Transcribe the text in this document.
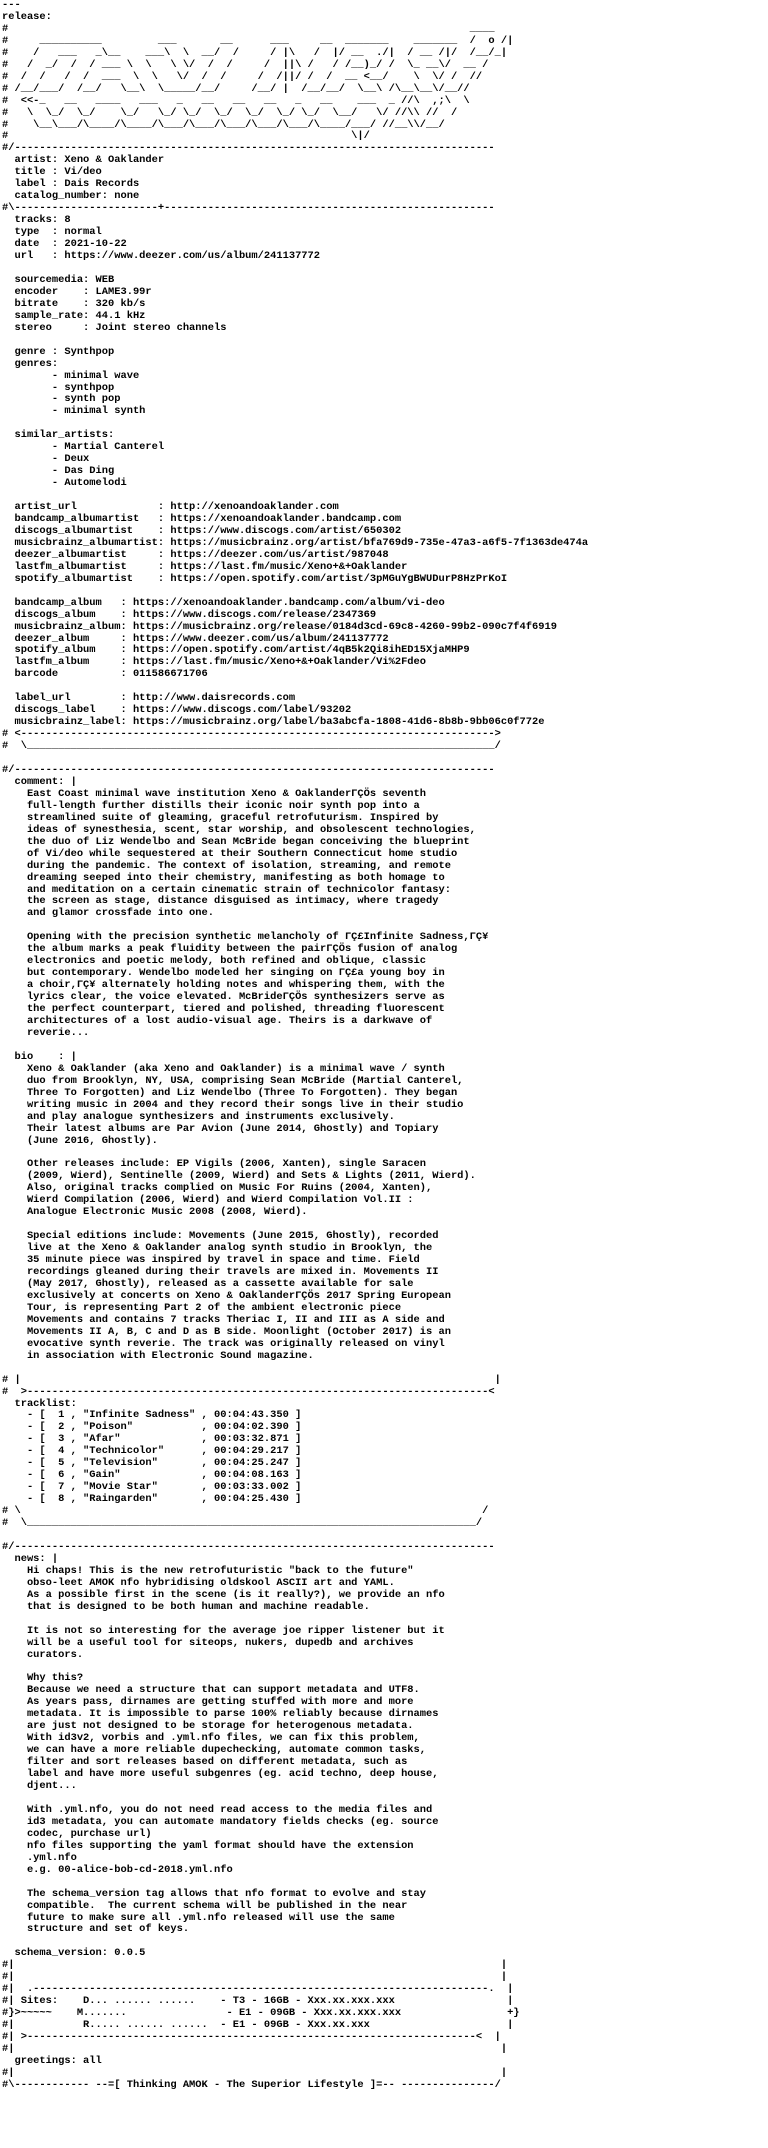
---
release:
#                                                                          ____
#     __________         ___       __      ___     __  _______    _______  /  o /|
#    /   ___   _\__    ___\  \  __/  /     / |\   /  |/ __  ./|  / __ /|/  /__/_|
#   /  _/  /  / ___ \  \   \ \/  /  /     /  ||\ /   / /__)_/ /  \_ __\/  __ /
#  /  /   /  /  ___  \  \   \/  /  /     /  /||/ /  /  __ <__/    \  \/ /  //
# /__/___/  /__/   \__\  \_____/__/     /__/ |  /__/__/  \__\ /\__\__\/__//
#  <<-_   __   ____   ___   _   __   __   __   _   __    ___  _ //\  ,;\  \
#   \  \_/  \_/    \_/   \_/ \_/  \_/  \_/  \_/ \_/  \__/   \/ //\\ //  /
#    \__\___/\____/\____/\___/\___/\___/\___/\___/\____/___/ //__\\/__/
#                                                       \|/
#/-----------------------------------------------------------------------------
artist: Xeno & Oaklander
title : Vi/deo
label : Dais Records
catalog_number: none
#\-----------------------+-----------------------------------------------------
tracks: 8
type  : normal
date  : 2021-10-22
url   : https://www.deezer.com/us/album/241137772

sourcemedia: WEB
encoder    : LAME3.99r
bitrate    : 320 kb/s
sample_rate: 44.1 kHz
stereo     : Joint stereo channels

genre : Synthpop
genres:
- minimal wave
- synthpop
- synth pop
- minimal synth

similar_artists:
- Martial Canterel
- Deux
- Das Ding
- Automelodi

artist_url             : http://xenoandoaklander.com
bandcamp_albumartist   : https://xenoandoaklander.bandcamp.com
discogs_albumartist    : https://www.discogs.com/artist/650302
musicbrainz_albumartist: https://musicbrainz.org/artist/bfa769d9-735e-47a3-a6f5-7f1363de474a
deezer_albumartist     : https://deezer.com/us/artist/987048
lastfm_albumartist     : https://last.fm/music/Xeno+&+Oaklander
spotify_albumartist    : https://open.spotify.com/artist/3pMGuYgBWUDurP8HzPrKoI

bandcamp_album   : https://xenoandoaklander.bandcamp.com/album/vi-deo
discogs_album    : https://www.discogs.com/release/2347369
musicbrainz_album: https://musicbrainz.org/release/0184d3cd-69c8-4260-99b2-090c7f4f6919
deezer_album     : https://www.deezer.com/us/album/241137772
spotify_album    : https://open.spotify.com/artist/4qB5k2Qi8ihED15XjaMHP9
lastfm_album     : https://last.fm/music/Xeno+&+Oaklander/Vi%2Fdeo
barcode          : 011586671706

label_url        : http://www.daisrecords.com
discogs_label    : https://www.discogs.com/label/93202
musicbrainz_label: https://musicbrainz.org/label/ba3abcfa-1808-41d6-8b8b-9bb06c0f772e
# <---------------------------------------------------------------------------->
#  \___________________________________________________________________________/

#/-----------------------------------------------------------------------------
comment: |
East Coast minimal wave institution Xeno & OaklanderΓÇÖs seventh
full-length further distills their iconic noir synth pop into a
streamlined suite of gleaming, graceful retrofuturism. Inspired by
ideas of synesthesia, scent, star worship, and obsolescent technologies,
the duo of Liz Wendelbo and Sean McBride began conceiving the blueprint
of Vi/deo while sequestered at their Southern Connecticut home studio
during the pandemic. The context of isolation, streaming, and remote
dreaming seeped into their chemistry, manifesting as both homage to
and meditation on a certain cinematic strain of technicolor fantasy:
the screen as stage, distance disguised as intimacy, where tragedy
and glamor crossfade into one.

Opening with the precision synthetic melancholy of ΓÇ£Infinite Sadness,ΓÇ¥
the album marks a peak fluidity between the pairΓÇÖs fusion of analog
electronics and poetic melody, both refined and oblique, classic
but contemporary. Wendelbo modeled her singing on ΓÇ£a young boy in
a choir,ΓÇ¥ alternately holding notes and whispering them, with the
lyrics clear, the voice elevated. McBrideΓÇÖs synthesizers serve as
the perfect counterpart, tiered and polished, threading fluorescent
architectures of a lost audio-visual age. Theirs is a darkwave of
reverie...

bio    : |
Xeno & Oaklander (aka Xeno and Oaklander) is a minimal wave / synth
duo from Brooklyn, NY, USA, comprising Sean McBride (Martial Canterel,
Three To Forgotten) and Liz Wendelbo (Three To Forgotten). They began
writing music in 2004 and they record their songs live in their studio
and play analogue synthesizers and instruments exclusively.
Their latest albums are Par Avion (June 2014, Ghostly) and Topiary
(June 2016, Ghostly).

Other releases include: EP Vigils (2006, Xanten), single Saracen
(2009, Wierd), Sentinelle (2009, Wierd) and Sets & Lights (2011, Wierd).
Also, original tracks complied on Music For Ruins (2004, Xanten),
Wierd Compilation (2006, Wierd) and Wierd Compilation Vol.II :
Analogue Electronic Music 2008 (2008, Wierd).

Special editions include: Movements (June 2015, Ghostly), recorded
live at the Xeno & Oaklander analog synth studio in Brooklyn, the
35 minute piece was inspired by travel in space and time. Field
recordings gleaned during their travels are mixed in. Movements II
(May 2017, Ghostly), released as a cassette available for sale
exclusively at concerts on Xeno & OaklanderΓÇÖs 2017 Spring European
Tour, is representing Part 2 of the ambient electronic piece
Movements and contains 7 tracks Theriac I, II and III as A side and
Movements II A, B, C and D as B side. Moonlight (October 2017) is an
evocative synth reverie. The track was originally released on vinyl
in association with Electronic Sound magazine.

# |                                                                            |
#  >--------------------------------------------------------------------------<
tracklist:
- [  1 , "Infinite Sadness" , 00:04:43.350 ]
- [  2 , "Poison"           , 00:04:02.390 ]
- [  3 , "Afar"             , 00:03:32.871 ]
- [  4 , "Technicolor"      , 00:04:29.217 ]
- [  5 , "Television"       , 00:04:25.247 ]
- [  6 , "Gain"             , 00:04:08.163 ]
- [  7 , "Movie Star"       , 00:03:33.002 ]
- [  8 , "Raingarden"       , 00:04:25.430 ]
# \                                                                          /
#  \________________________________________________________________________/

#/-----------------------------------------------------------------------------
news: |
Hi chaps! This is the new retrofuturistic "back to the future"
obso-leet AMOK nfo hybridising oldskool ASCII art and YAML.
As a possible first in the scene (is it really?), we provide an nfo
that is designed to be both human and machine readable.

It is not so interesting for the average joe ripper listener but it
will be a useful tool for siteops, nukers, dupedb and archives
curators.

Why this?
Because we need a structure that can support metadata and UTF8.
As years pass, dirnames are getting stuffed with more and more
metadata. It is impossible to parse 100% reliably because dirnames
are just not designed to be storage for heterogenous metadata.
With id3v2, vorbis and .yml.nfo files, we can fix this problem,
we can have a more reliable dupechecking, automate common tasks,
filter and sort releases based on different metadata, such as
label and have more useful subgenres (eg. acid techno, deep house,
djent...

With .yml.nfo, you do not need read access to the media files and
id3 metadata, you can automate mandatory fields checks (eg. source
codec, purchase url)
nfo files supporting the yaml format should have the extension
.yml.nfo
e.g. 00-alice-bob-cd-2018.yml.nfo

The schema_version tag allows that nfo format to evolve and stay
compatible.  The current schema will be published in the near
future to make sure all .yml.nfo released will use the same
structure and set of keys.

schema_version: 0.0.5
#|                                                                              |
#|                                                                              |
#|  .-------------------------------------------------------------------------.  |
#| Sites:    D... ...... ......    - T3 - 16GB - Xxx.xx.xxx.xxx                  |
#}>~~~~~    M.......                - E1 - 09GB - Xxx.xx.xxx.xxx                 +}
#|           R..... ...... ......  - E1 - 09GB - Xxx.xx.xxx                      |
#| >------------------------------------------------------------------------<  |
#|                                                                              |
greetings: all
#|                                                                              |
#\------------ --=[ Thinking AMOK - The Superior Lifestyle ]=-- ---------------/
